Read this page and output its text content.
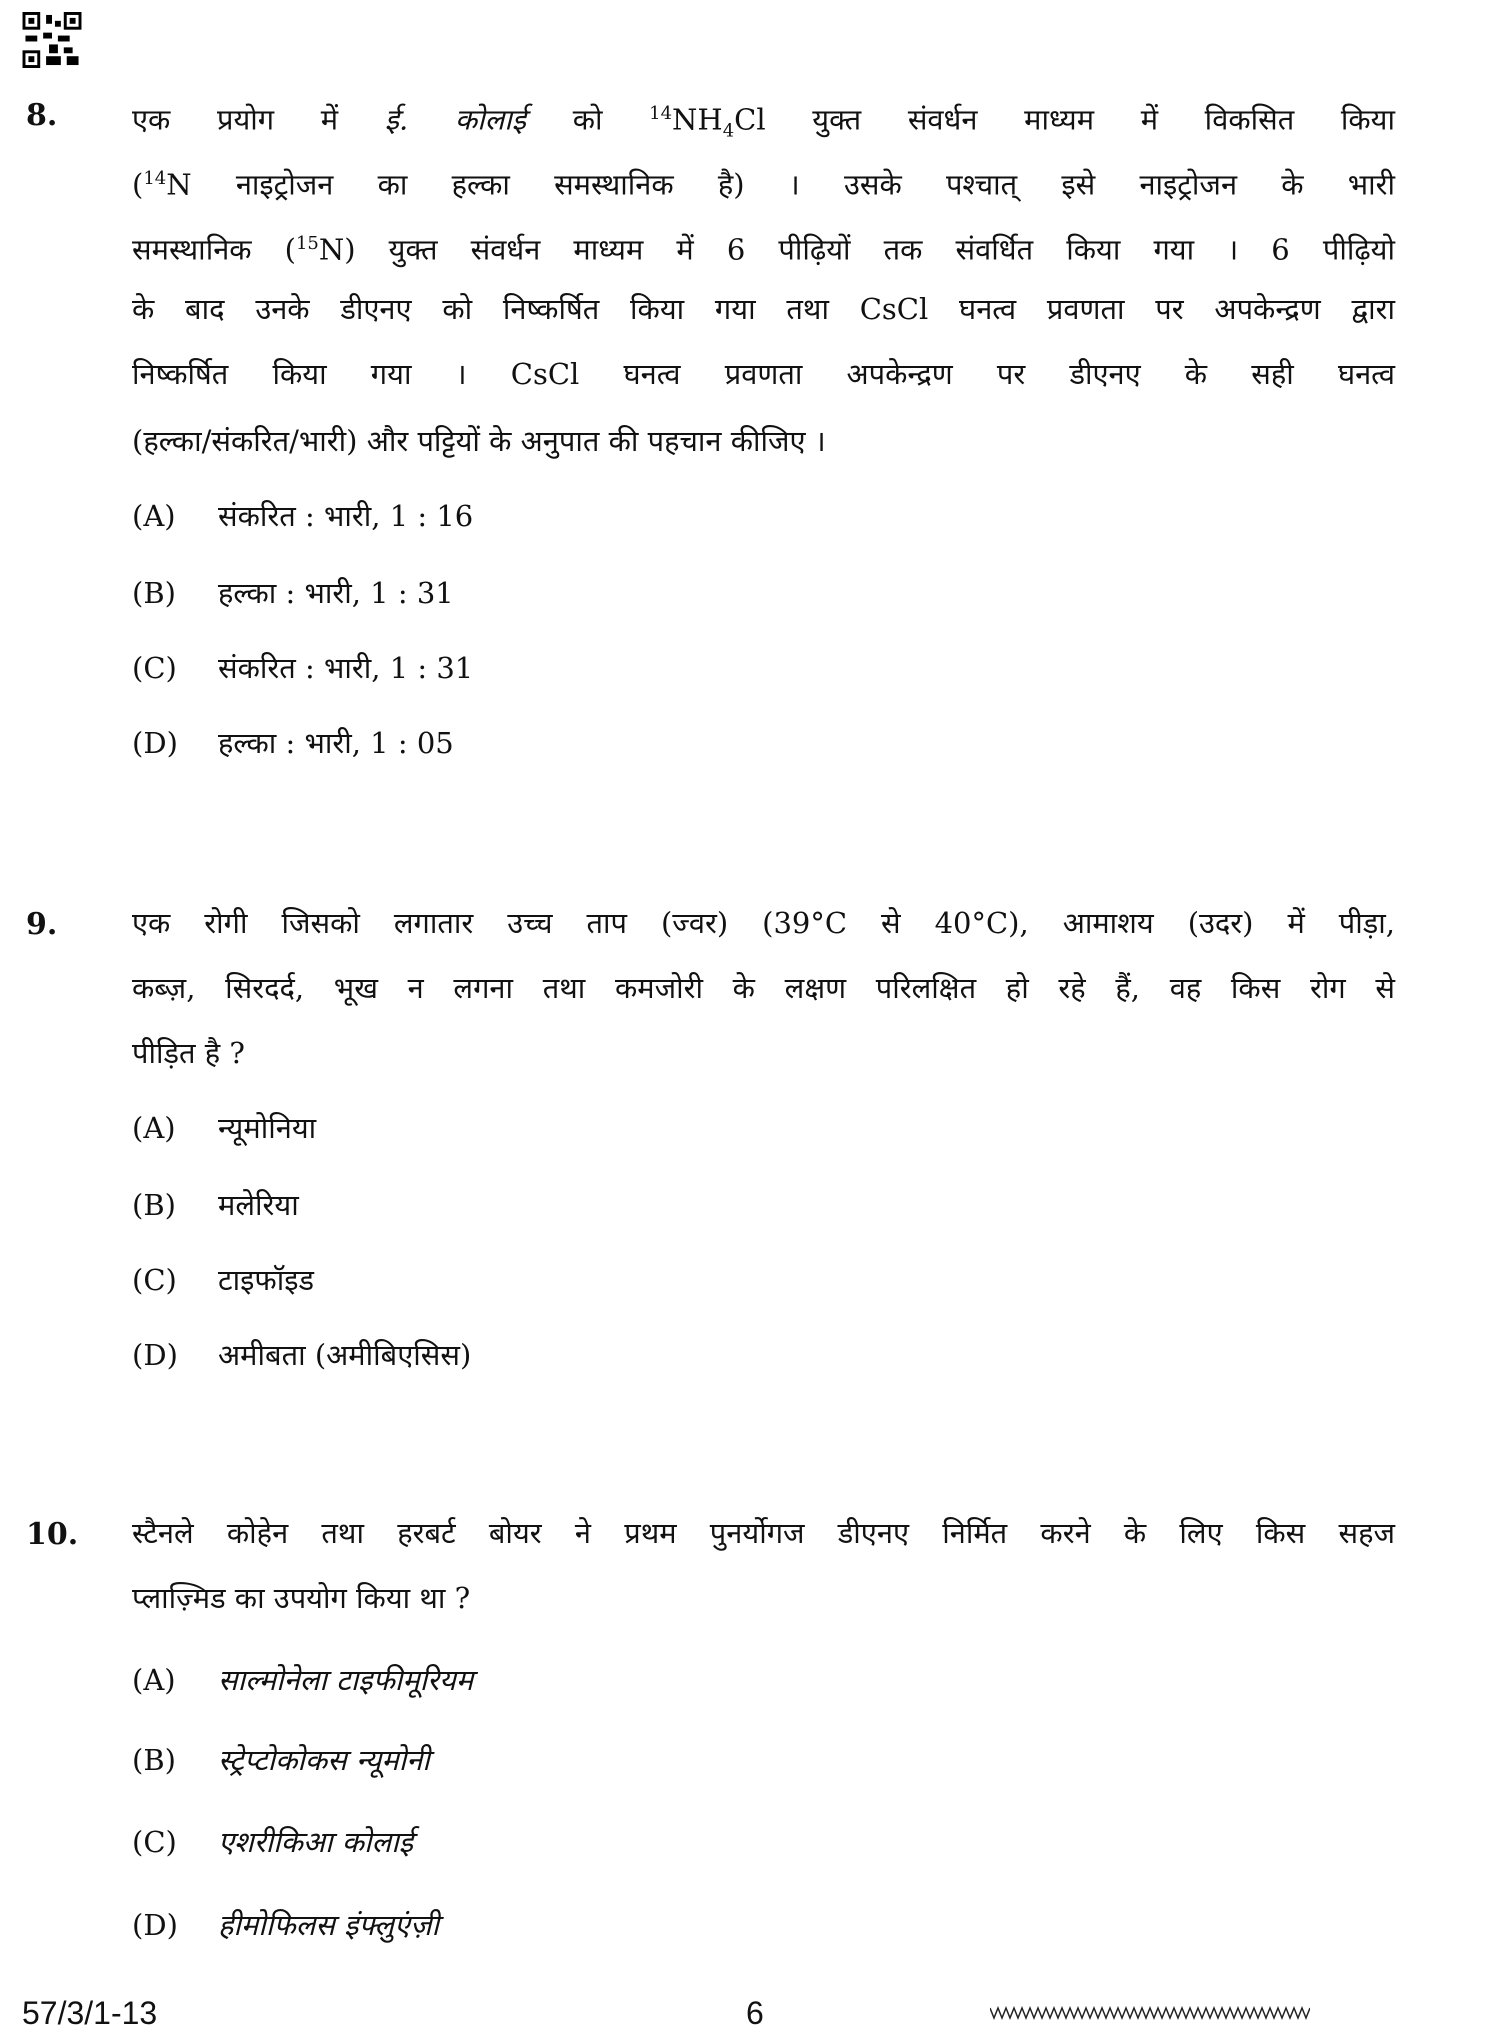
8.	एक प्रयोग में ई. कोलाई को $^{14}NH_4Cl$ युक्त संवर्धन माध्यम में विकसित किया
($^{14}$N नाइट्रोजन का हल्का समस्थानिक है) । उसके पश्चात् इसे नाइट्रोजन के भारी
समस्थानिक ($^{15}$N) युक्त संवर्धन माध्यम में 6 पीढ़ियों तक संवर्धित किया गया । 6 पीढ़ियो
के बाद उनके डीएनए को निष्कर्षित किया गया तथा CsCl घनत्व प्रवणता पर अपकेन्द्रण द्वारा
निष्कर्षित किया गया । CsCl घनत्व प्रवणता अपकेन्द्रण पर डीएनए के सही घनत्व
(हल्का/संकरित/भारी) और पट्टियों के अनुपात की पहचान कीजिए ।
(A) संकरित : भारी, 1 : 16
(B) हल्का : भारी, 1 : 31
(C) संकरित : भारी, 1 : 31
(D) हल्का : भारी, 1 : 05
9.	एक रोगी जिसको लगातार उच्च ताप (ज्वर) (39°C से 40°C), आमाशय (उदर) में पीड़ा,
कब्ज़, सिरदर्द, भूख न लगना तथा कमजोरी के लक्षण परिलक्षित हो रहे हैं, वह किस रोग से
पीड़ित है ?
(A) न्यूमोनिया
(B) मलेरिया
(C) टाइफॉइड
(D) अमीबता (अमीबिएसिस)
10. स्टैनले कोहेन तथा हरबर्ट बोयर ने प्रथम पुनर्योगज डीएनए निर्मित करने के लिए किस सहज
प्लाज़्मिड का उपयोग किया था ?
(A) साल्मोनेला टाइफीमूरियम
(B) स्ट्रेप्टोकोकस न्यूमोनी
(C) एशरीकिआ कोलाई
(D) हीमोफिलस इंफ्लुएंज़ी
57/3/1-13	6
